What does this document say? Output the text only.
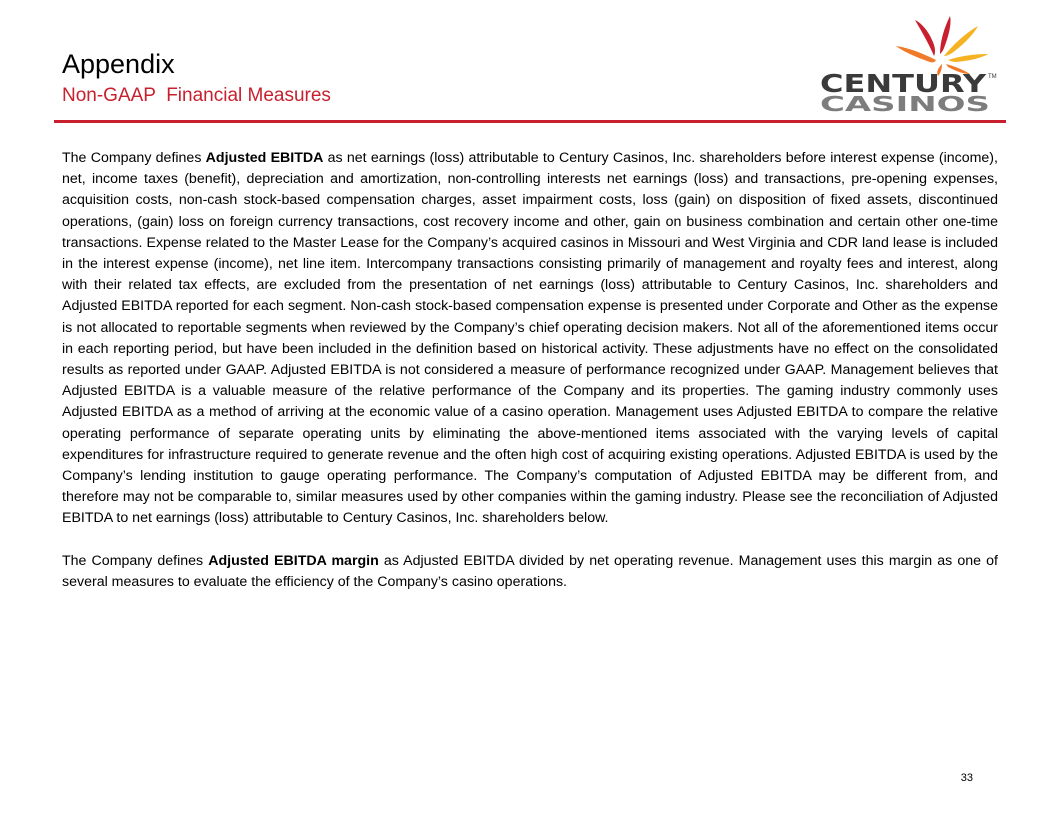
Appendix
Non-GAAP  Financial Measures	CENTURY TM
CASINOS

The Company defines Adjusted EBITDA as net earnings (loss) attributable to Century Casinos, Inc. shareholders before interest expense (income), net, income taxes (benefit), depreciation and amortization, non-controlling interests net earnings (loss) and transactions, pre-opening expenses, acquisition costs, non-cash stock-based compensation charges, asset impairment costs, loss (gain) on disposition of fixed assets, discontinued operations, (gain) loss on foreign currency transactions, cost recovery income and other, gain on business combination and certain other one-time transactions. Expense related to the Master Lease for the Company’s acquired casinos in Missouri and West Virginia and CDR land lease is included in the interest expense (income), net line item. Intercompany transactions consisting primarily of management and royalty fees and interest, along with their related tax effects, are excluded from the presentation of net earnings (loss) attributable to Century Casinos, Inc. shareholders and Adjusted EBITDA reported for each segment. Non-cash stock-based compensation expense is presented under Corporate and Other as the expense is not allocated to reportable segments when reviewed by the Company’s chief operating decision makers. Not all of the aforementioned items occur in each reporting period, but have been included in the definition based on historical activity. These adjustments have no effect on the consolidated results as reported under GAAP. Adjusted EBITDA is not considered a measure of performance recognized under GAAP. Management believes that Adjusted EBITDA is a valuable measure of the relative performance of the Company and its properties. The gaming industry commonly uses Adjusted EBITDA as a method of arriving at the economic value of a casino operation. Management uses Adjusted EBITDA to compare the relative operating performance of separate operating units by eliminating the above-mentioned items associated with the varying levels of capital expenditures for infrastructure required to generate revenue and the often high cost of acquiring existing operations. Adjusted EBITDA is used by the Company’s lending institution to gauge operating performance. The Company’s computation of Adjusted EBITDA may be different from, and therefore may not be comparable to, similar measures used by other companies within the gaming industry. Please see the reconciliation of Adjusted EBITDA to net earnings (loss) attributable to Century Casinos, Inc. shareholders below.

The Company defines Adjusted EBITDA margin as Adjusted EBITDA divided by net operating revenue. Management uses this margin as one of several measures to evaluate the efficiency of the Company’s casino operations.

33
